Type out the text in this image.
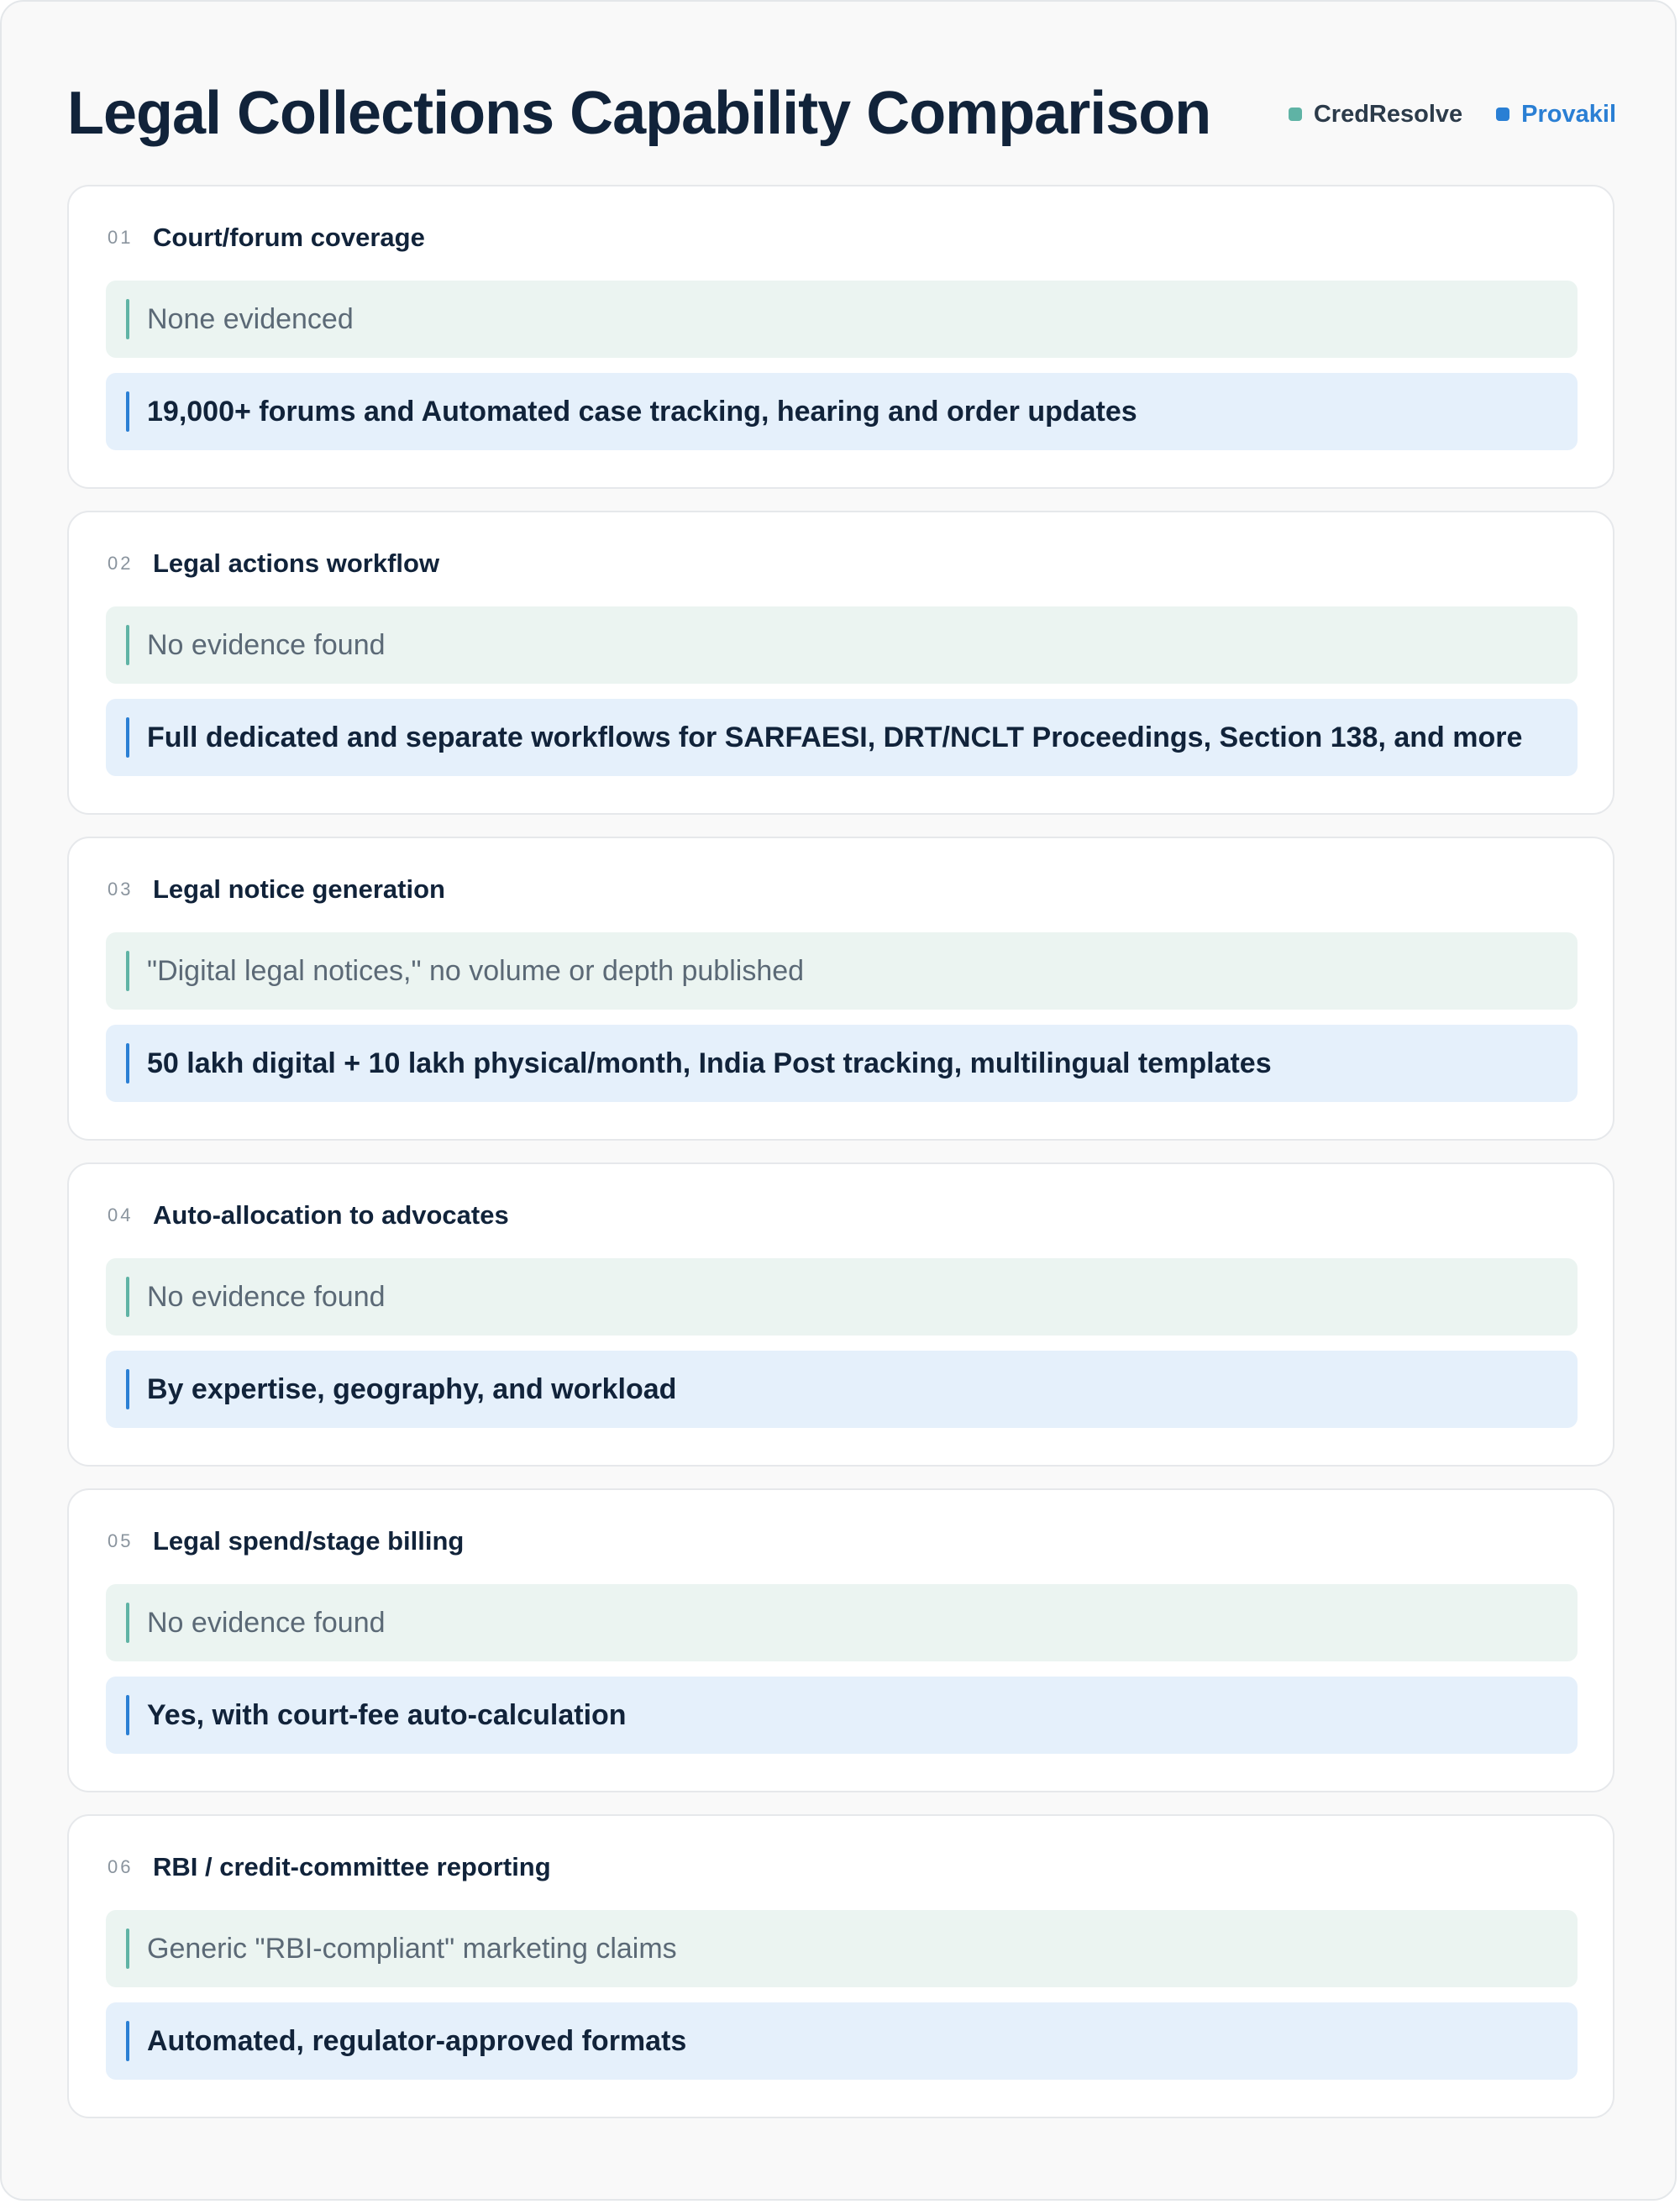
Legal Collections Capability Comparison	CredResolve Provakil
01 Court/forum coverage
None evidenced
19,000+ forums and Automated case tracking, hearing and order updates
02 Legal actions workflow
No evidence found
Full dedicated and separate workflows for SARFAESI, DRT/NCLT Proceedings, Section 138, and more
03 Legal notice generation
"Digital legal notices," no volume or depth published
50 lakh digital + 10 lakh physical/month, India Post tracking, multilingual templates
04 Auto-allocation to advocates
No evidence found
By expertise, geography, and workload
05 Legal spend/stage billing
No evidence found
Yes, with court-fee auto-calculation
06 RBI / credit-committee reporting
Generic "RBI-compliant" marketing claims
Automated, regulator-approved formats
